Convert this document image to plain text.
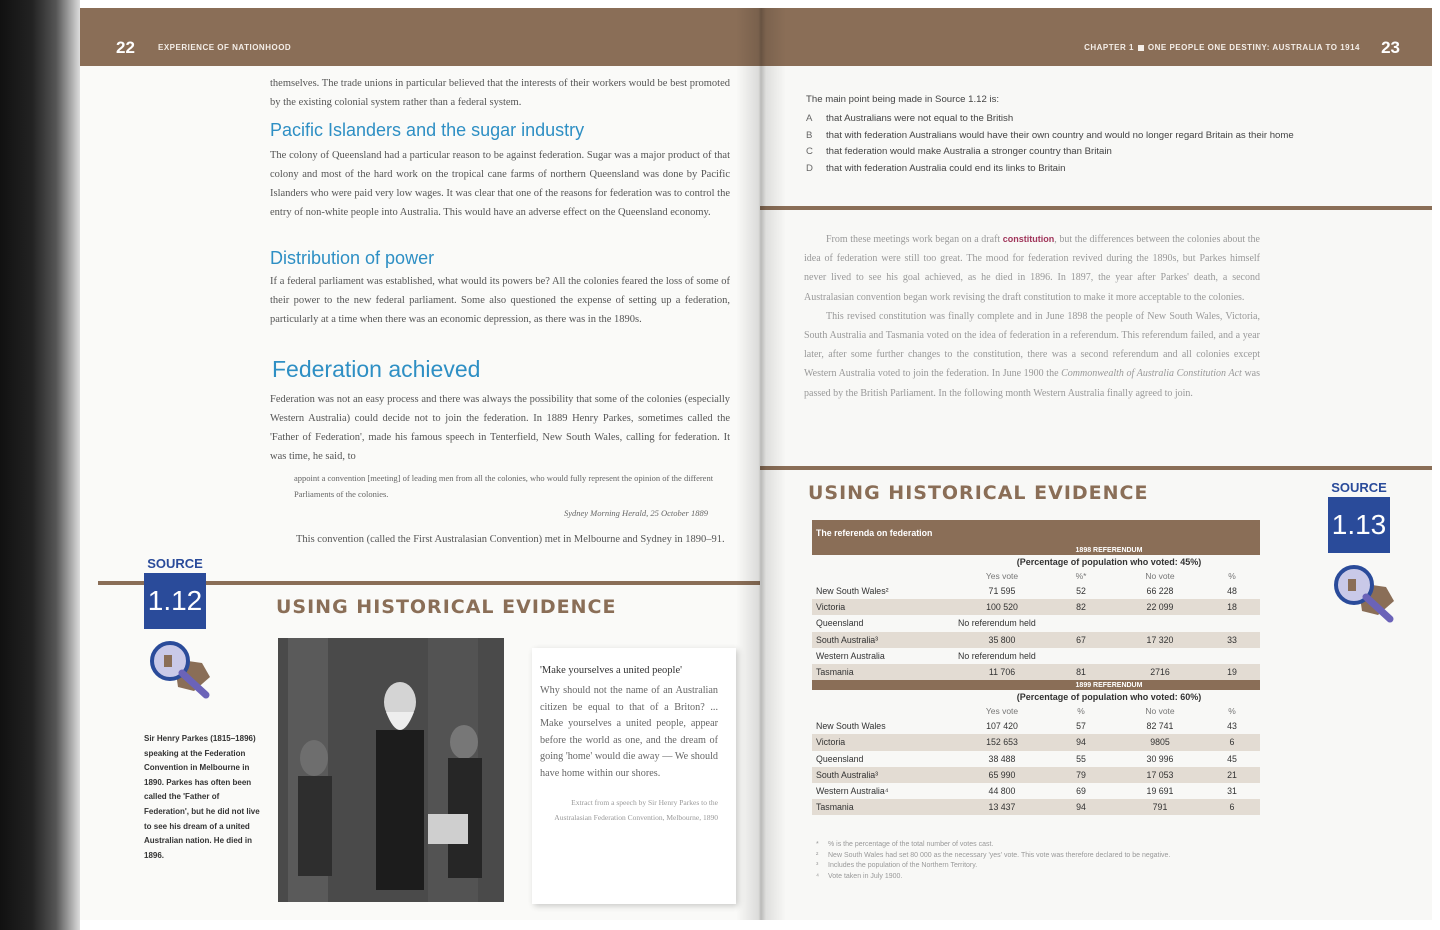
22	EXPERIENCE OF NATIONHOOD
themselves. The trade unions in particular believed that the interests of their workers would be best promoted by the existing colonial system rather than a federal system.
Pacific Islanders and the sugar industry
The colony of Queensland had a particular reason to be against federation. Sugar was a major product of that colony and most of the hard work on the tropical cane farms of northern Queensland was done by Pacific Islanders who were paid very low wages. It was clear that one of the reasons for federation was to control the entry of non-white people into Australia. This would have an adverse effect on the Queensland economy.
Distribution of power
If a federal parliament was established, what would its powers be? All the colonies feared the loss of some of their power to the new federal parliament. Some also questioned the expense of setting up a federation, particularly at a time when there was an economic depression, as there was in the 1890s.
Federation achieved
Federation was not an easy process and there was always the possibility that some of the colonies (especially Western Australia) could decide not to join the federation. In 1889 Henry Parkes, sometimes called the 'Father of Federation', made his famous speech in Tenterfield, New South Wales, calling for federation. It was time, he said, to
appoint a convention [meeting] of leading men from all the colonies, who would fully represent the opinion of the different Parliaments of the colonies.
Sydney Morning Herald, 25 October 1889
This convention (called the First Australasian Convention) met in Melbourne and Sydney in 1890–91.
SOURCE
1.12
Sir Henry Parkes (1815–1896) speaking at the Federation Convention in Melbourne in 1890. Parkes has often been called the 'Father of Federation', but he did not live to see his dream of a united Australian nation. He died in 1896.
USING HISTORICAL EVIDENCE
'Make yourselves a united people'
Why should not the name of an Australian citizen be equal to that of a Briton? ... Make yourselves a united people, appear before the world as one, and the dream of going 'home' would die away — We should have home within our shores.
Extract from a speech by Sir Henry Parkes to the Australasian Federation Convention, Melbourne, 1890
CHAPTER 1 ONE PEOPLE ONE DESTINY: AUSTRALIA TO 1914 23
The main point being made in Source 1.12 is:
A	that Australians were not equal to the British
B	that with federation Australians would have their own country and would no longer regard Britain as their home
C	that federation would make Australia a stronger country than Britain
D	that with federation Australia could end its links to Britain

From these meetings work began on a draft constitution, but the differences between the colonies about the idea of federation were still too great. The mood for federation revived during the 1890s, but Parkes himself never lived to see his goal achieved, as he died in 1896. In 1897, the year after Parkes' death, a second Australasian convention began work revising the draft constitution to make it more acceptable to the colonies.

This revised constitution was finally complete and in June 1898 the people of New South Wales, Victoria, South Australia and Tasmania voted on the idea of federation in a referendum. This referendum failed, and a year later, after some further changes to the constitution, there was a second referendum and all colonies except Western Australia voted to join the federation. In June 1900 the Commonwealth of Australia Constitution Act was passed by the British Parliament. In the following month Western Australia finally agreed to join.

USING HISTORICAL EVIDENCE	SOURCE
1.13
The referenda on federation				
	1898 REFERENDUM			
	(Percentage of population who voted: 45%)			
	Yes vote	%*	No vote	%
New South Wales²	71 595	52	66 228	48
Victoria	100 520	82	22 099	18
Queensland	No referendum held			
South Australia³	35 800	67	17 320	33
Western Australia	No referendum held			
Tasmania	11 706	81	2716	19
	1899 REFERENDUM			
	(Percentage of population who voted: 60%)			
	Yes vote	%	No vote	%
New South Wales	107 420	57	82 741	43
Victoria	152 653	94	9805	6
Queensland	38 488	55	30 996	45
South Australia³	65 990	79	17 053	21
Western Australia⁴	44 800	69	19 691	31
Tasmania	13 437	94	791	6
*	% is the percentage of the total number of votes cast.
²	New South Wales had set 80 000 as the necessary 'yes' vote. This vote was therefore declared to be negative.
³	Includes the population of the Northern Territory.
⁴	Vote taken in July 1900.
